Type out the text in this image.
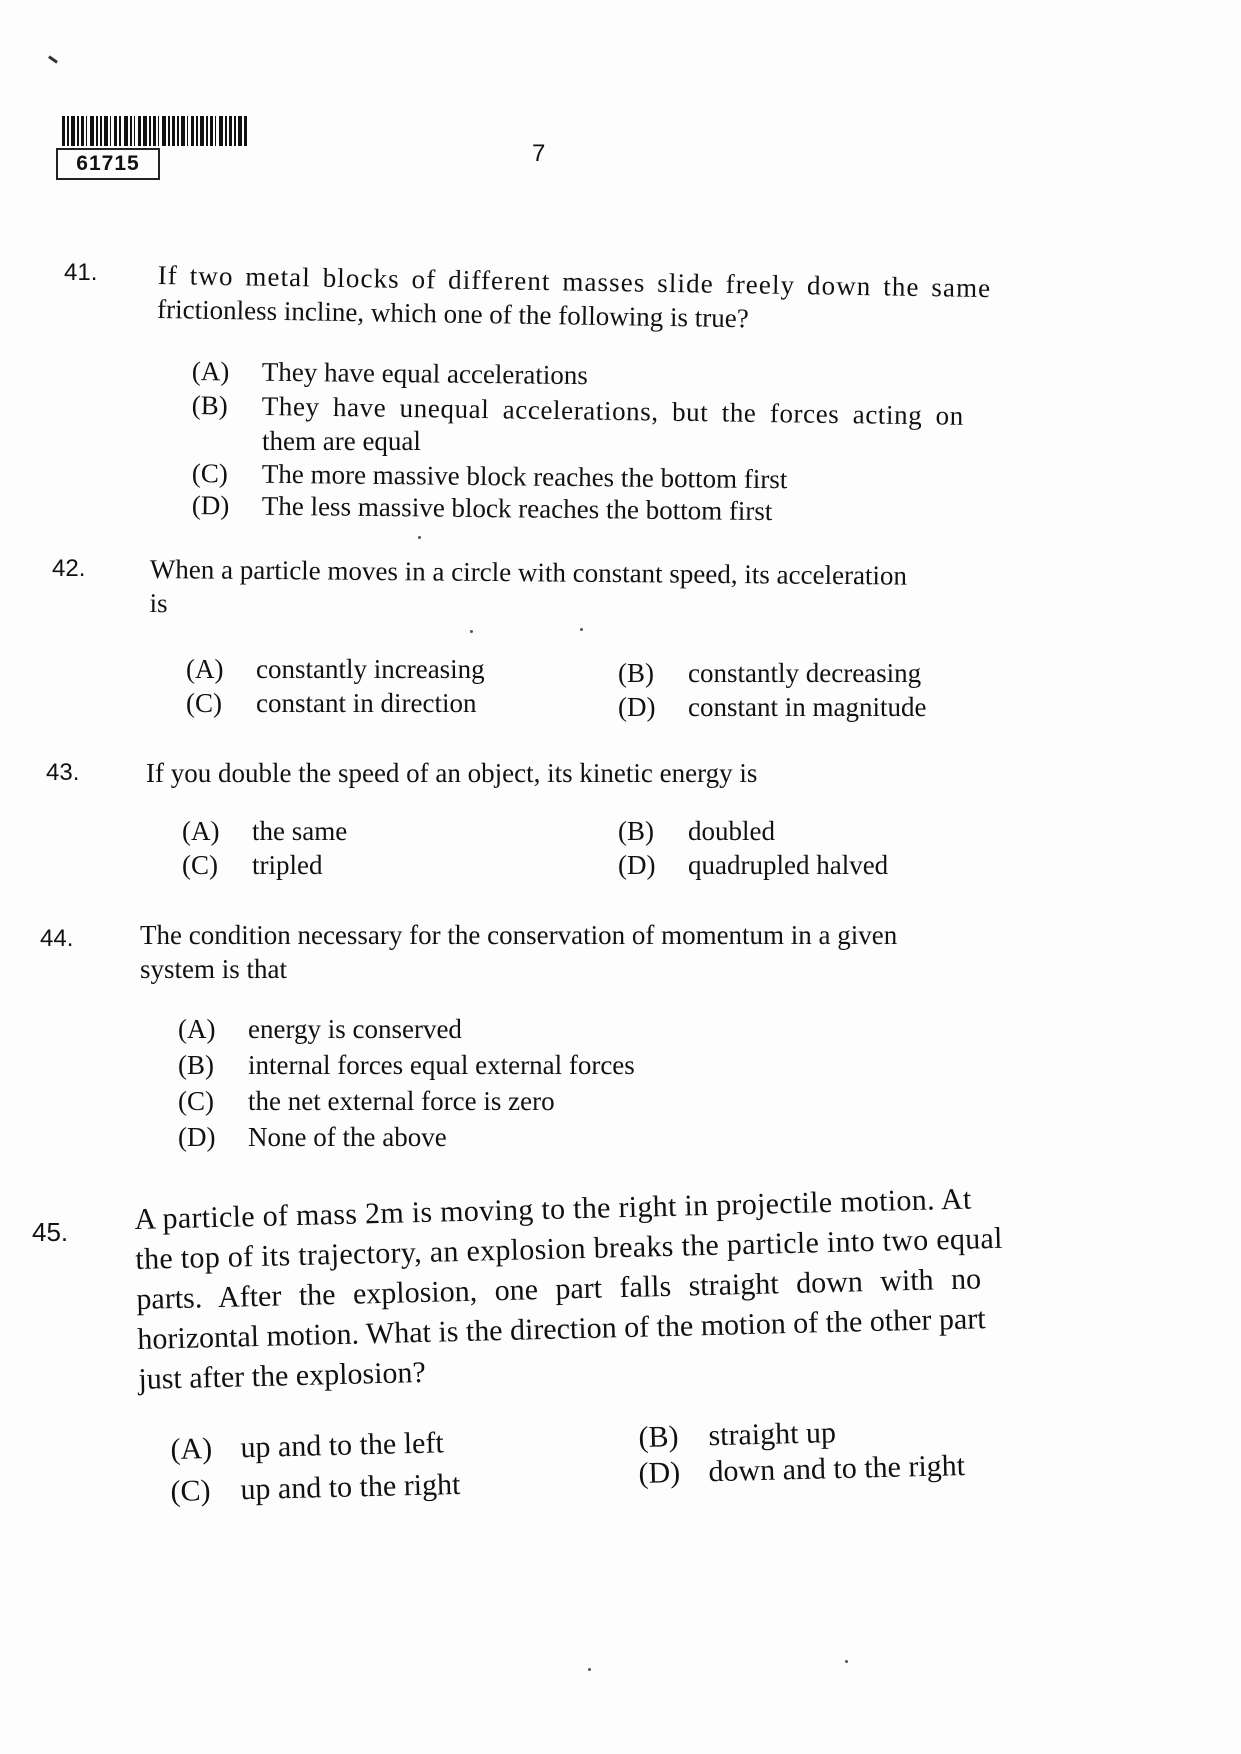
61715	7
41. If two metal blocks of different masses slide freely down the same
frictionless incline, which one of the following is true?
(A) They have equal accelerations
(B) They have unequal accelerations, but the forces acting on
them are equal
(C) The more massive block reaches the bottom first
(D) The less massive block reaches the bottom first
42. When a particle moves in a circle with constant speed, its acceleration
is
(A) constantly increasing	(B) constantly decreasing
(C) constant in direction	(D) constant in magnitude
43. If you double the speed of an object, its kinetic energy is
(A) the same	(B) doubled
(C) tripled	(D) quadrupled halved
44. The condition necessary for the conservation of momentum in a given
system is that
(A) energy is conserved
(B) internal forces equal external forces
(C) the net external force is zero
(D) None of the above
45. A particle of mass 2m is moving to the right in projectile motion. At
the top of its trajectory, an explosion breaks the particle into two equal
parts. After the explosion, one part falls straight down with no
horizontal motion. What is the direction of the motion of the other part
just after the explosion?
(A) up and to the left	(B) straight up
(C) up and to the right	(D) down and to the right
